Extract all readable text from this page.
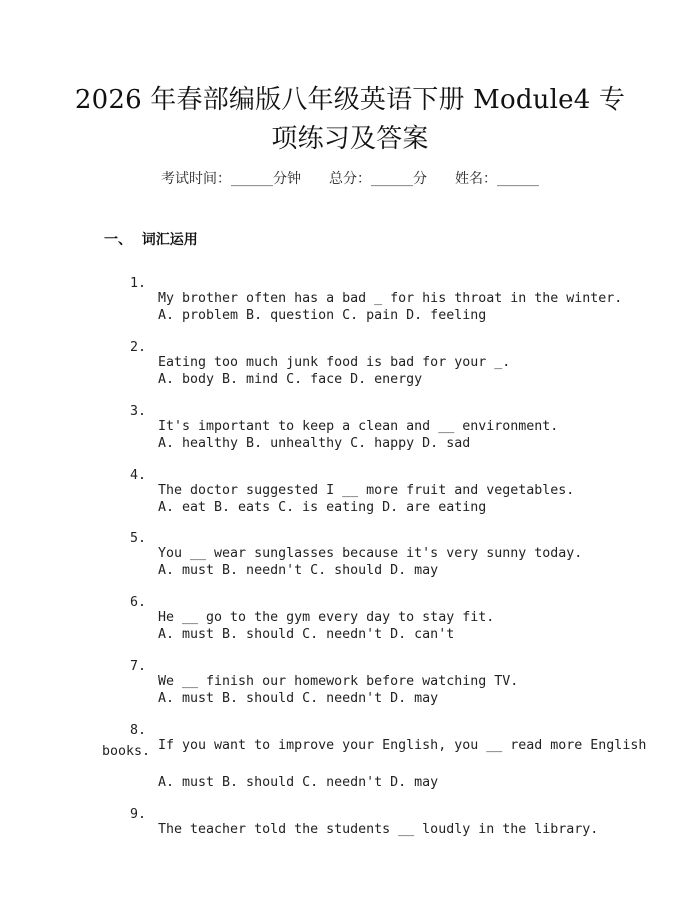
2026 年春部编版八年级英语下册 Module4 专
项练习及答案
考试时间：______分钟 总分：______分 姓名：______
一、  词汇运用

1.

My brother often has a bad _ for his throat in the winter.

A. problem B. question C. pain D. feeling

2.

Eating too much junk food is bad for your _.

A. body B. mind C. face D. energy

3.

It's important to keep a clean and __ environment.

A. healthy B. unhealthy C. happy D. sad

4.

The doctor suggested I __ more fruit and vegetables.

A. eat B. eats C. is eating D. are eating

5.

You __ wear sunglasses because it's very sunny today.

A. must B. needn't C. should D. may

6.

He __ go to the gym every day to stay fit.

A. must B. should C. needn't D. can't

7.

We __ finish our homework before watching TV.

A. must B. should C. needn't D. may

8.

If you want to improve your English, you __ read more English

books.

A. must B. should C. needn't D. may

9.

The teacher told the students __ loudly in the library.
